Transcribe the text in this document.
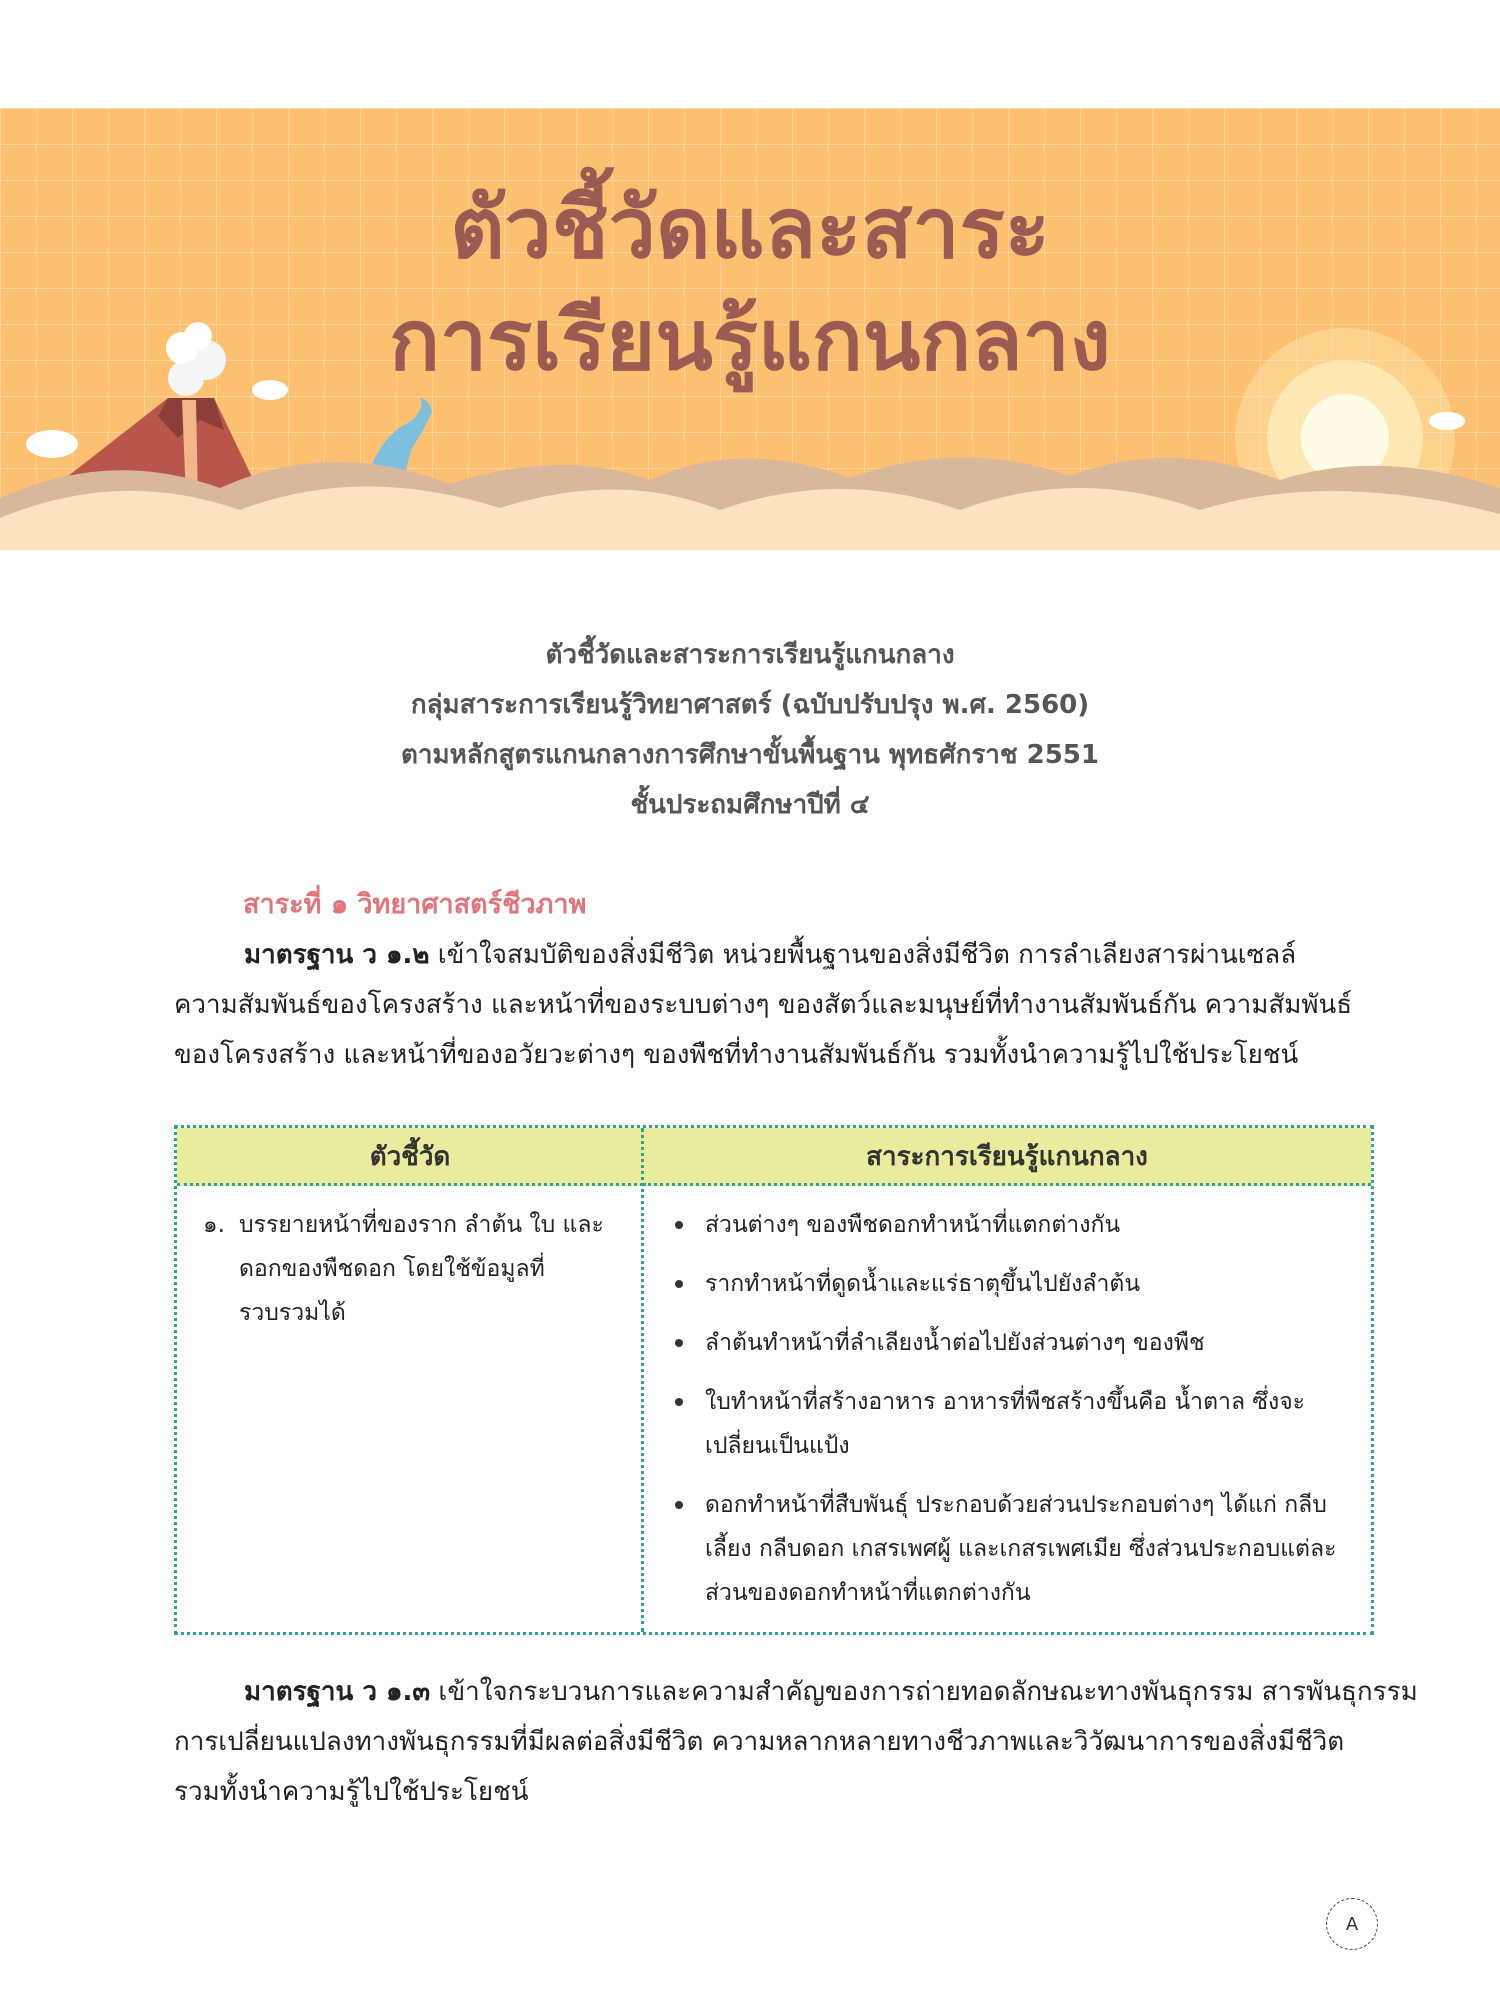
ตัวชี้วัดและสาระ
การเรียนรู้แกนกลาง
ตัวชี้วัดและสาระการเรียนรู้แกนกลาง
กลุ่มสาระการเรียนรู้วิทยาศาสตร์ (ฉบับปรับปรุง พ.ศ. 2560)
ตามหลักสูตรแกนกลางการศึกษาขั้นพื้นฐาน พุทธศักราช 2551
ชั้นประถมศึกษาปีที่ ๔
สาระที่ ๑ วิทยาศาสตร์ชีวภาพ
มาตรฐาน ว ๑.๒ เข้าใจสมบัติของสิ่งมีชีวิต หน่วยพื้นฐานของสิ่งมีชีวิต การลำเลียงสารผ่านเซลล์
ความสัมพันธ์ของโครงสร้าง และหน้าที่ของระบบต่างๆ ของสัตว์และมนุษย์ที่ทำงานสัมพันธ์กัน ความสัมพันธ์
ของโครงสร้าง และหน้าที่ของอวัยวะต่างๆ ของพืชที่ทำงานสัมพันธ์กัน รวมทั้งนำความรู้ไปใช้ประโยชน์
ตัวชี้วัด	สาระการเรียนรู้แกนกลาง
๑. บรรยายหน้าที่ของราก ลำต้น ใบ และดอกของพืชดอก โดยใช้ข้อมูลที่รวบรวมได้
ส่วนต่างๆ ของพืชดอกทำหน้าที่แตกต่างกัน
รากทำหน้าที่ดูดน้ำและแร่ธาตุขึ้นไปยังลำต้น
ลำต้นทำหน้าที่ลำเลียงน้ำต่อไปยังส่วนต่างๆ ของพืช
ใบทำหน้าที่สร้างอาหาร อาหารที่พืชสร้างขึ้นคือ น้ำตาล ซึ่งจะเปลี่ยนเป็นแป้ง
ดอกทำหน้าที่สืบพันธุ์ ประกอบด้วยส่วนประกอบต่างๆ ได้แก่ กลีบเลี้ยง กลีบดอก เกสรเพศผู้ และเกสรเพศเมีย ซึ่งส่วนประกอบแต่ละส่วนของดอกทำหน้าที่แตกต่างกัน
มาตรฐาน ว ๑.๓ เข้าใจกระบวนการและความสำคัญของการถ่ายทอดลักษณะทางพันธุกรรม สารพันธุกรรม
การเปลี่ยนแปลงทางพันธุกรรมที่มีผลต่อสิ่งมีชีวิต ความหลากหลายทางชีวภาพและวิวัฒนาการของสิ่งมีชีวิต
รวมทั้งนำความรู้ไปใช้ประโยชน์
A
